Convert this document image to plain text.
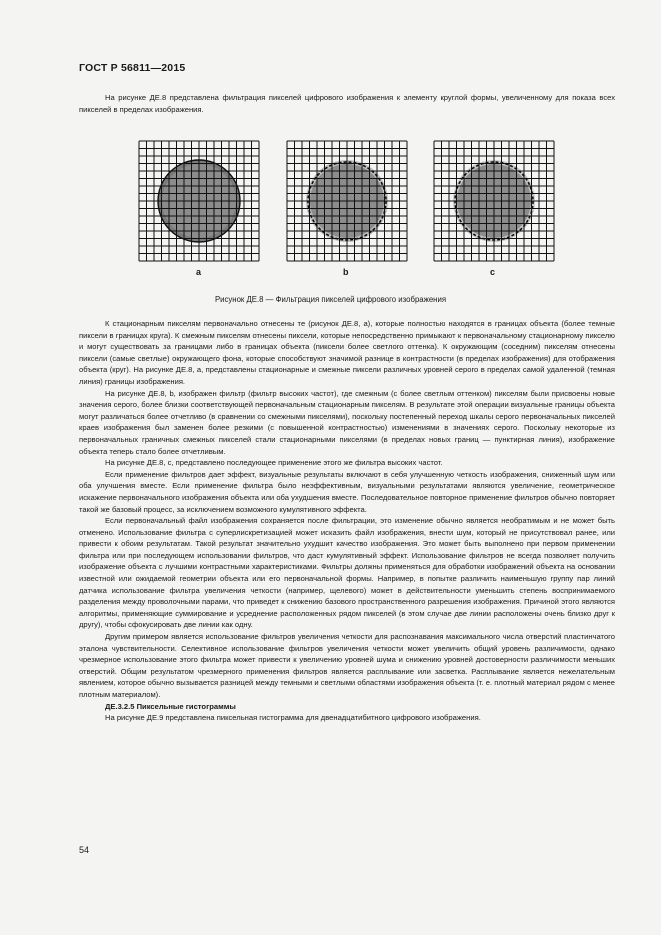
ГОСТ Р 56811—2015

На рисунке ДЕ.8 представлена фильтрация пикселей цифрового изображения к элементу круглой формы, увеличенному для показа всех пикселей в пределах изображения.

a	b	c
Рисунок ДЕ.8 — Фильтрация пикселей цифрового изображения

К стационарным пикселям первоначально отнесены те (рисунок ДЕ.8, а), которые полностью находятся в границах объекта (более темные пиксели в границах круга). К смежным пикселям отнесены пиксели, которые непосредственно примыкают к первоначальному стационарному пикселю и могут существовать за границами либо в границах объекта (пиксели более светлого оттенка). К окружающим (соседним) пикселям отнесены пиксели (самые светлые) окружающего фона, которые способствуют значимой разнице в контрастности (в пределах изображения) для отображения объекта (круг). На рисунке ДЕ.8, а, представлены стационарные и смежные пиксели различных уровней серого в пределах самой удаленной (темная линия) границы изображения.

На рисунке ДЕ.8, b, изображен фильтр (фильтр высоких частот), где смежным (с более светлым оттенком) пикселям были присвоены новые значения серого, более близки соответствующей первоначальным стационарным пикселям. В результате этой операции визуальные границы объекта могут различаться более отчетливо (в сравнении со смежными пикселями), поскольку постепенный переход шкалы серого первоначальных пикселей краев изображения был заменен более резкими (с повышенной контрастностью) изменениями в значениях серого. Поскольку некоторые из первоначальных граничных смежных пикселей стали стационарными пикселями (в пределах новых границ — пунктирная линия), изображение объекта теперь стало более отчетливым.

На рисунке ДЕ.8, с, представлено последующее применение этого же фильтра высоких частот.

Если применение фильтров дает эффект, визуальные результаты включают в себя улучшенную четкость изображения, сниженный шум или оба улучшения вместе. Если применение фильтра было неэффективным, визуальными результатами являются увеличение, геометрическое искажение первоначального изображения объекта или оба ухудшения вместе. Последовательное повторное применение фильтров обычно повторяет такой же базовый процесс, за исключением возможного кумулятивного эффекта.

Если первоначальный файл изображения сохраняется после фильтрации, это изменение обычно является необратимым и не может быть отменено. Использование фильтра с суперлискретизацией может исказить файл изображения, внести шум, который не присутствовал ранее, или привести к обоим результатам. Такой результат значительно ухудшит качество изображения. Это может быть выполнено при первом применении фильтра или при последующем использовании фильтров, что даст кумулятивный эффект. Использование фильтров не всегда позволяет получить изображение объекта с лучшими контрастными характеристиками. Фильтры должны применяться для обработки изображений объекта на основании известной или ожидаемой геометрии объекта или его первоначальной формы. Например, в попытке различить наименьшую группу пар линий датчика использование фильтра увеличения четкости (например, щелевого) может в действительности уменьшить степень воспринимаемого разделения между проволочными парами, что приведет к снижению базового пространственного разрешения изображения. Причиной этого являются алгоритмы, применяющие суммирование и усреднение расположенных рядом пикселей (в этом случае две линии расположены очень близко друг к другу), чтобы сфокусировать две линии как одну.

Другим примером является использование фильтров увеличения четкости для распознавания максимального числа отверстий пластинчатого эталона чувствительности. Селективное использование фильтров увеличения четкости может увеличить общий уровень различимости, однако чрезмерное использование этого фильтра может привести к увеличению уровней шума и снижению уровней достоверности различимости меньших отверстий. Общим результатом чрезмерного применения фильтров является расплывание или засветка. Расплывание является нежелательным явлением, которое обычно вызывается разницей между темными и светлыми областями изображения объекта (т. е. плотный материал рядом с менее плотным материалом).

ДЕ.3.2.5 Пиксельные гистограммы

На рисунке ДЕ.9 представлена пиксельная гистограмма для двенадцатибитного цифрового изображения.

54
